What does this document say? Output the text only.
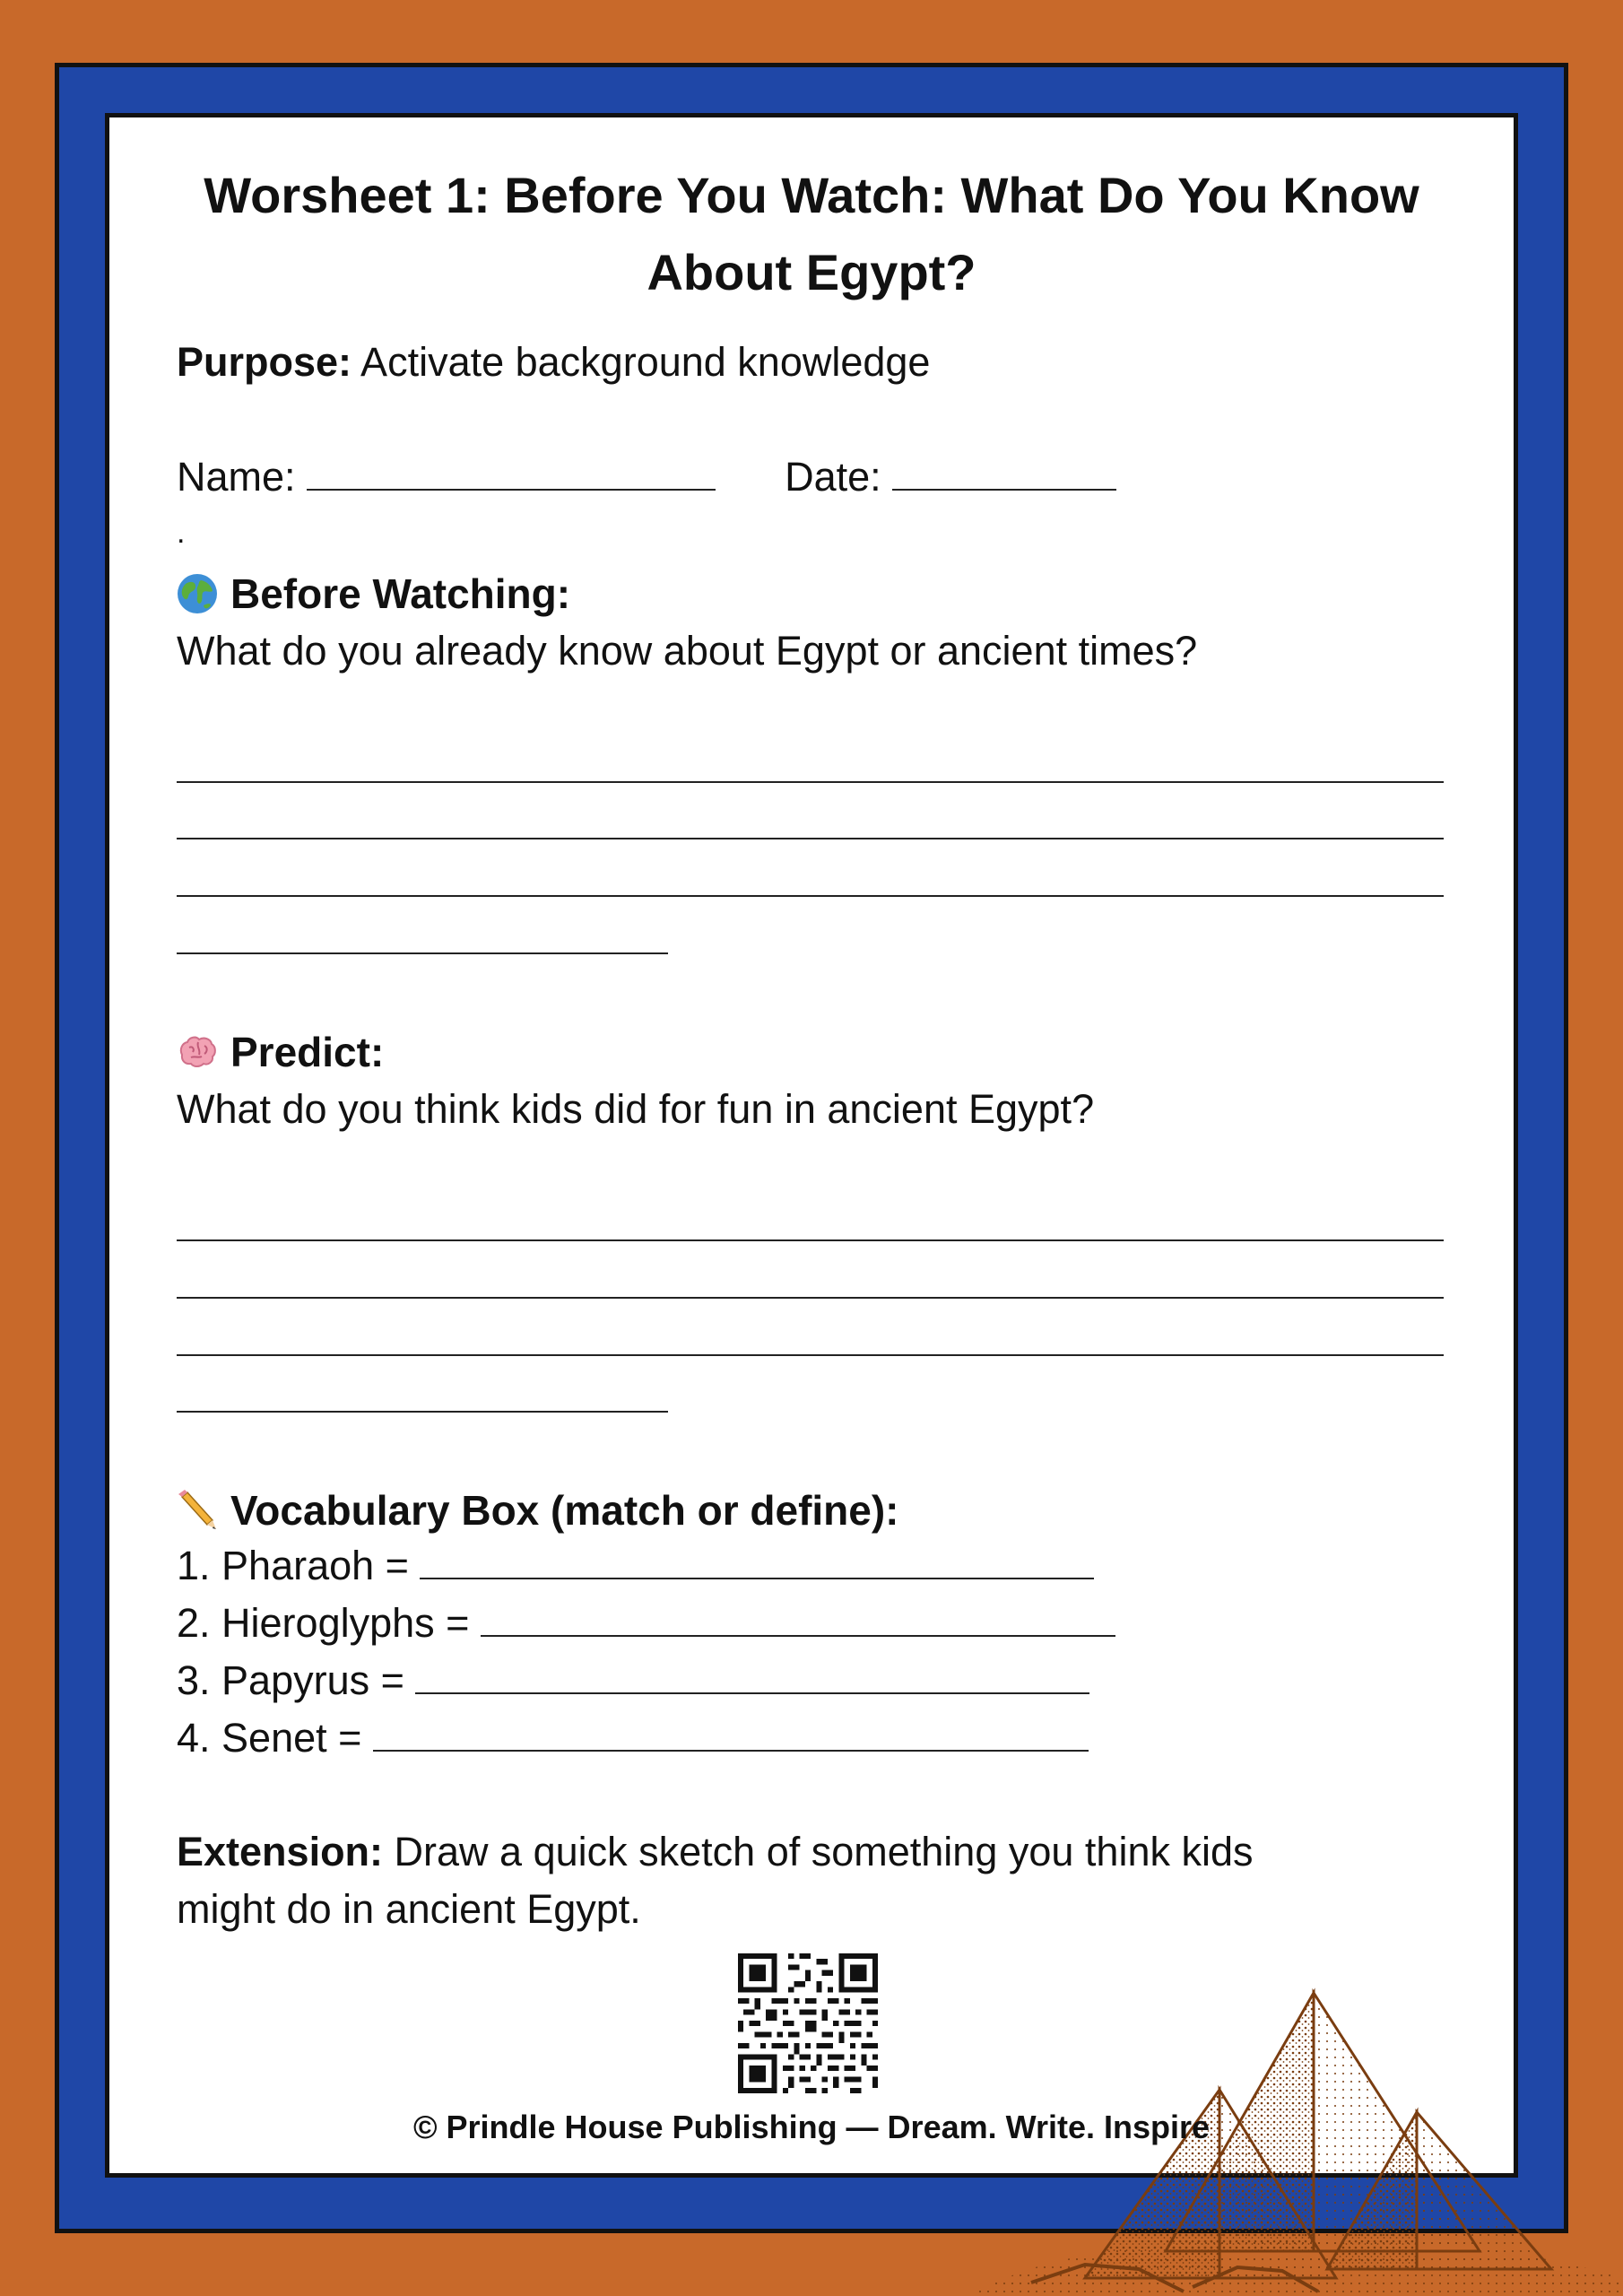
Worsheet 1: Before You Watch: What Do You Know About Egypt?
Purpose: Activate background knowledge
Name:	Date:
.
Before Watching:
What do you already know about Egypt or ancient times?
Predict:
What do you think kids did for fun in ancient Egypt?
Vocabulary Box (match or define):
1. Pharaoh =
2. Hieroglyphs =
3. Papyrus =
4. Senet =
Extension: Draw a quick sketch of something you think kids
might do in ancient Egypt.
© Prindle House Publishing — Dream. Write. Inspire
